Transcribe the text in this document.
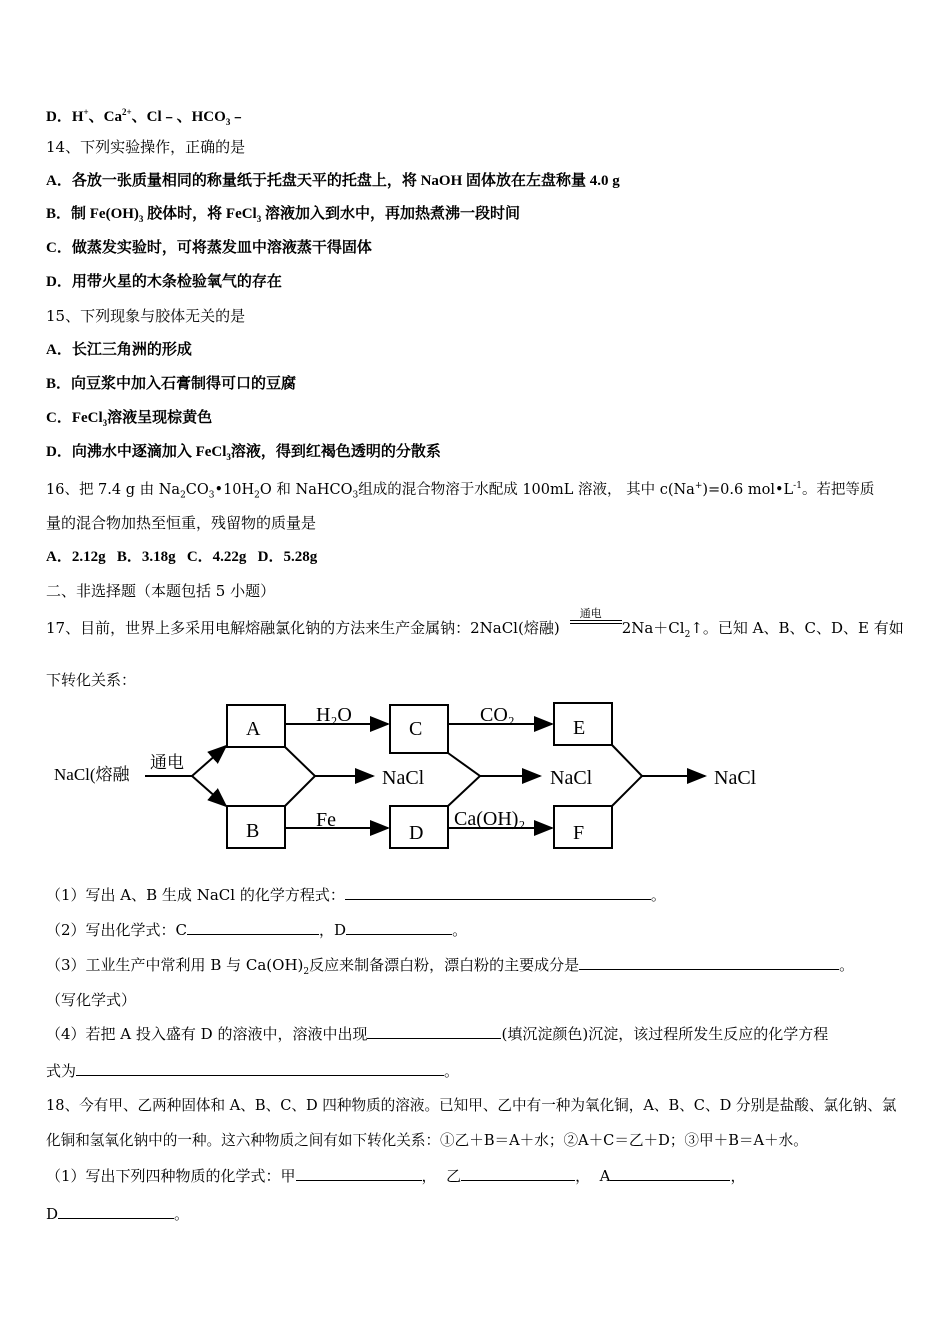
D．H+、$Ca^{2+}$、Cl﹣、$HCO_3﹣$
14、下列实验操作，正确的是
A．各放一张质量相同的称量纸于托盘天平的托盘上，将 NaOH 固体放在左盘称量 4.0 g
B．制 $Fe(OH)_3$ 胶体时，将 FeCl$_3$ 溶液加入到水中，再加热煮沸一段时间
C．做蒸发实验时，可将蒸发皿中溶液蒸干得固体
D．用带火星的木条检验氧气的存在
15、下列现象与胶体无关的是
A．长江三角洲的形成
B．向豆浆中加入石膏制得可口的豆腐
C．FeCl$_3$溶液呈现棕黄色
D．向沸水中逐滴加入 FeCl$_3$溶液，得到红褐色透明的分散系
16、把 7.4 g 由 $Na_2CO_3•10H_2O$ 和 NaHCO$_3$组成的混合物溶于水配成 100mL 溶液， 其中 c(Na+)=0.6 $mol•L^{-1}$。若把等质
量的混合物加热至恒重，残留物的质量是
A．2.12g   B．3.18g   C．4.22g   D．5.28g
二、非选择题（本题包括 5 小题）
17、目前，世界上多采用电解熔融氯化钠的方法来生产金属钠：2NaCl(熔融)
通电
$2Na+Cl_2↑$。已知 A、B、C、D、E 有如
下转化关系：
NaCl(熔融
通电
A
B
C
D
E
F
H₂O	CO₂
Fe	Ca(OH)₂
NaCl	NaCl	NaCl
（1）写出 A、B 生成 NaCl 的化学方程式：	。
（2）写出化学式：C	，D	。
（3）工业生产中常利用 B 与 $Ca(OH)_2$反应来制备漂白粉，漂白粉的主要成分是	。
（写化学式）
（4）若把 A 投入盛有 D 的溶液中，溶液中出现	(填沉淀颜色)沉淀，该过程所发生反应的化学方程
式为	。
18、今有甲、乙两种固体和 A、B、C、D 四种物质的溶液。已知甲、乙中有一种为氧化铜，A、B、C、D 分别是盐酸、氯化钠、氯
化铜和氢氧化钠中的一种。这六种物质之间有如下转化关系：①乙＋B＝A＋水；②A＋C＝乙＋D；③甲＋B＝A＋水。
（1）写出下列四种物质的化学式：甲	，  乙	，  A	，
D	。
